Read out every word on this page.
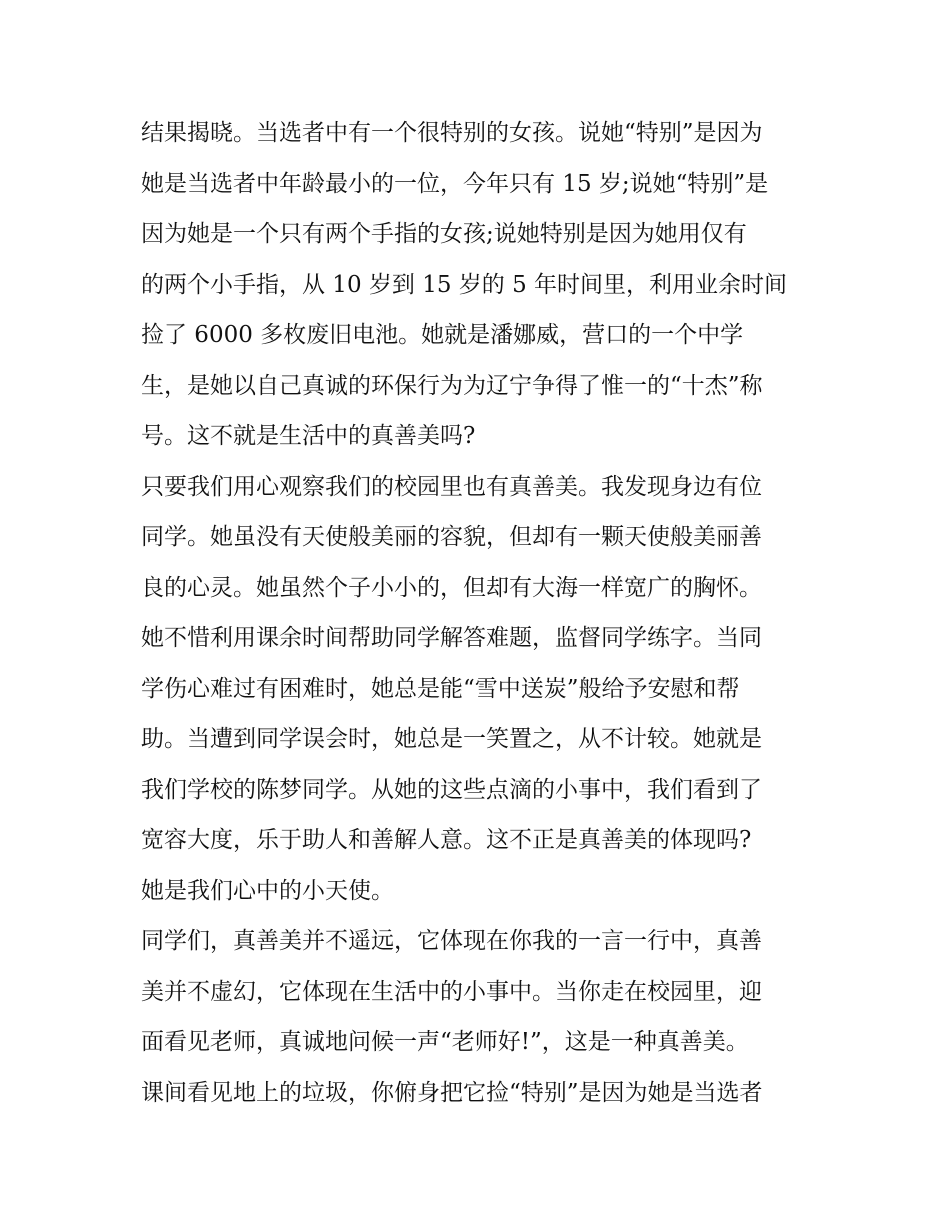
结果揭晓。当选者中有一个很特别的女孩。说她“特别”是因为
她是当选者中年龄最小的一位，今年只有 15 岁;说她“特别”是
因为她是一个只有两个手指的女孩;说她特别是因为她用仅有
的两个小手指，从 10 岁到 15 岁的 5 年时间里，利用业余时间
捡了 6000 多枚废旧电池。她就是潘娜威，营口的一个中学
生，是她以自己真诚的环保行为为辽宁争得了惟一的“十杰”称
号。这不就是生活中的真善美吗?
只要我们用心观察我们的校园里也有真善美。我发现身边有位
同学。她虽没有天使般美丽的容貌，但却有一颗天使般美丽善
良的心灵。她虽然个子小小的，但却有大海一样宽广的胸怀。
她不惜利用课余时间帮助同学解答难题，监督同学练字。当同
学伤心难过有困难时，她总是能“雪中送炭”般给予安慰和帮
助。当遭到同学误会时，她总是一笑置之，从不计较。她就是
我们学校的陈梦同学。从她的这些点滴的小事中，我们看到了
宽容大度，乐于助人和善解人意。这不正是真善美的体现吗?
她是我们心中的小天使。
同学们，真善美并不遥远，它体现在你我的一言一行中，真善
美并不虚幻，它体现在生活中的小事中。当你走在校园里，迎
面看见老师，真诚地问候一声“老师好!”，这是一种真善美。
课间看见地上的垃圾，你俯身把它捡“特别”是因为她是当选者
